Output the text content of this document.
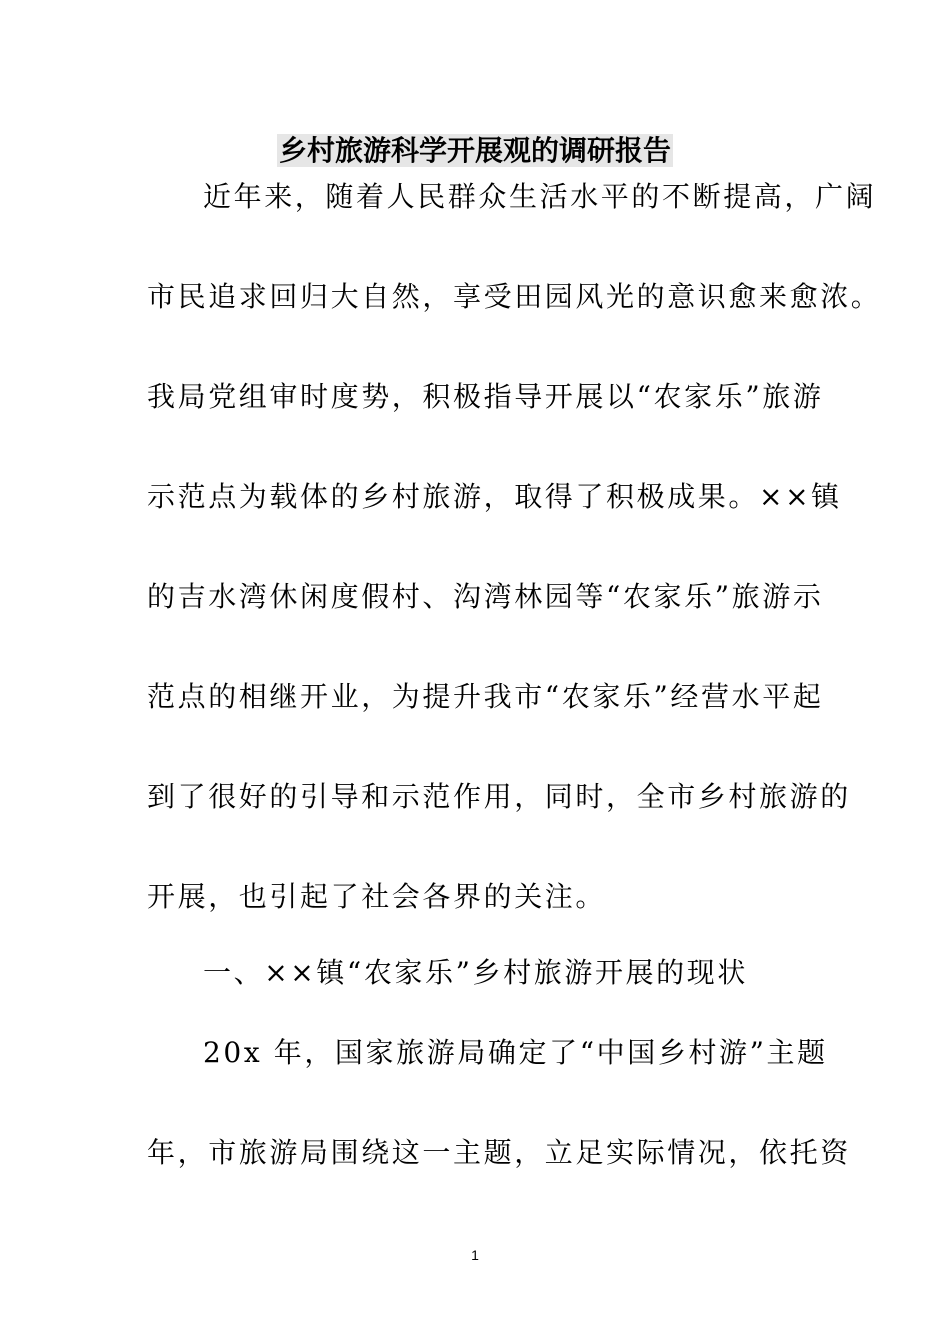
乡村旅游科学开展观的调研报告
近年来，随着人民群众生活水平的不断提高，广阔
市民追求回归大自然，享受田园风光的意识愈来愈浓。
我局党组审时度势，积极指导开展以“农家乐”旅游
示范点为载体的乡村旅游，取得了积极成果。××镇
的吉水湾休闲度假村、沟湾林园等“农家乐”旅游示
范点的相继开业，为提升我市“农家乐”经营水平起
到了很好的引导和示范作用，同时，全市乡村旅游的
开展，也引起了社会各界的关注。
一、××镇“农家乐”乡村旅游开展的现状
20x 年，国家旅游局确定了“中国乡村游”主题
年，市旅游局围绕这一主题，立足实际情况，依托资
1
